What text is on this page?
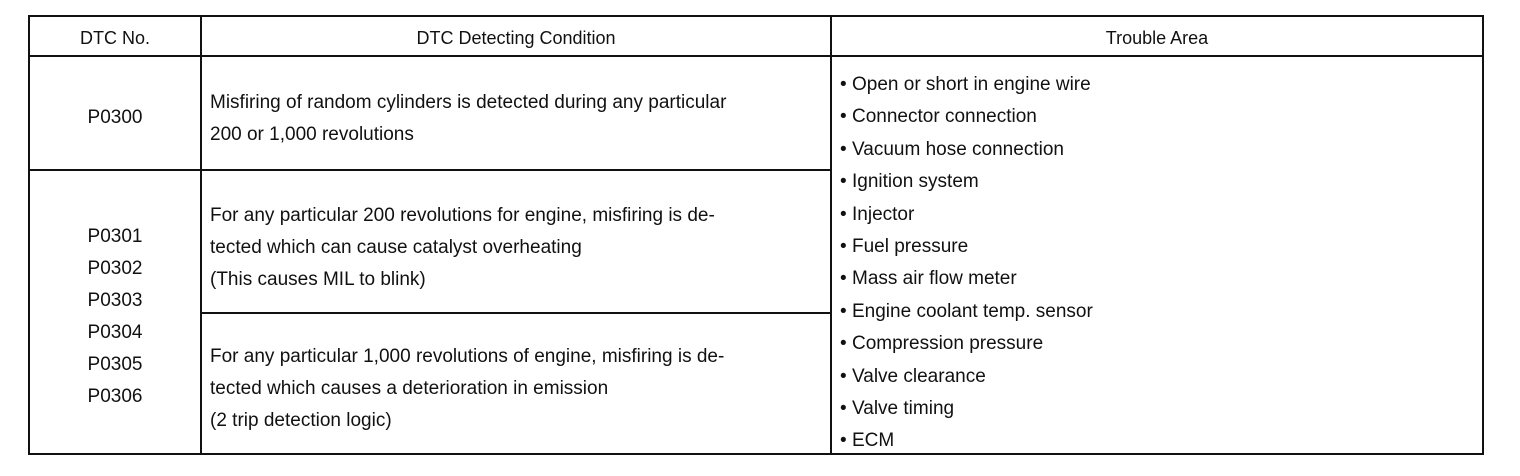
DTC No.	DTC Detecting Condition	Trouble Area
P0300
Misfiring of random cylinders is detected during any particular
200 or 1,000 revolutions
P0301
P0302
P0303
P0304
P0305
P0306
For any particular 200 revolutions for engine, misfiring is de-
tected which can cause catalyst overheating
(This causes MIL to blink)
For any particular 1,000 revolutions of engine, misfiring is de-
tected which causes a deterioration in emission
(2 trip detection logic)
• Open or short in engine wire
• Connector connection
• Vacuum hose connection
• Ignition system
• Injector
• Fuel pressure
• Mass air flow meter
• Engine coolant temp. sensor
• Compression pressure
• Valve clearance
• Valve timing
• ECM
